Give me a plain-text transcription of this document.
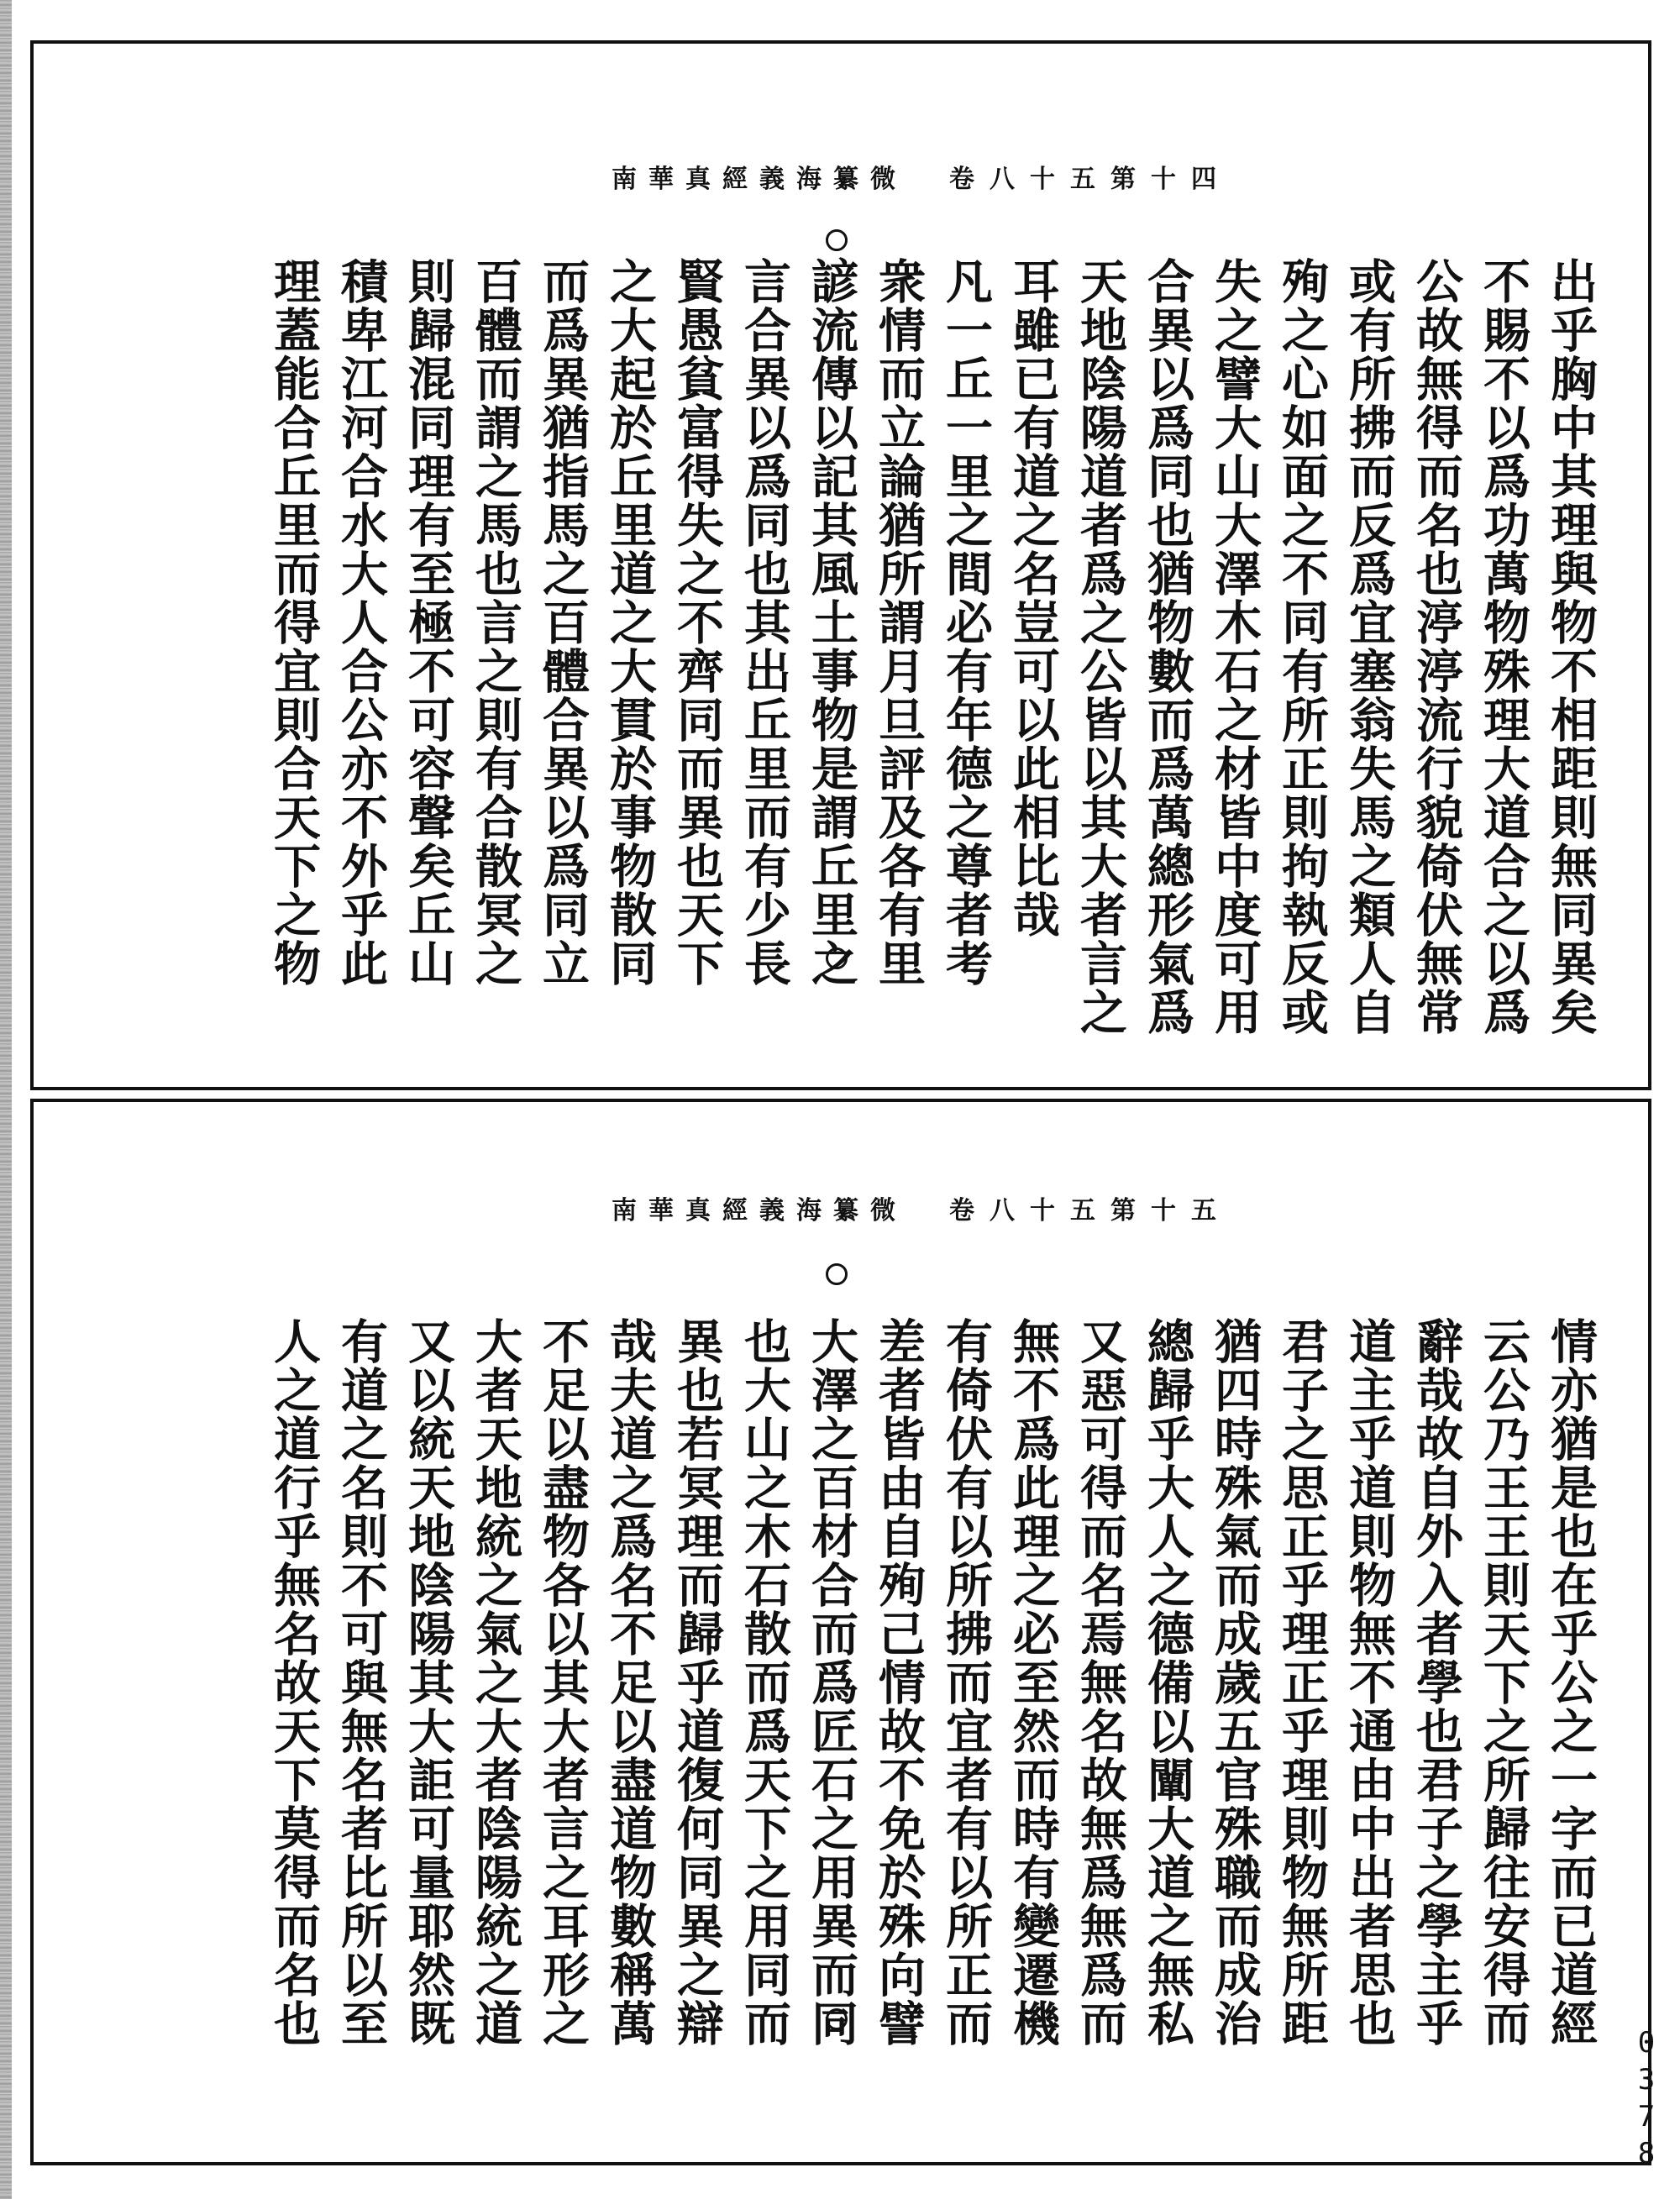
南華真經義海纂微 卷八十五第十四
出乎胸中其理與物不相距則無同異矣
不賜不以爲功萬物殊理大道合之以爲
公故無得而名也渟渟流行貌倚伏無常
或有所拂而反爲宜塞翁失馬之類人自
殉之心如面之不同有所正則拘執反或
失之譬大山大澤木石之材皆中度可用
合異以爲同也猶物數而爲萬總形氣爲
天地陰陽道者爲之公皆以其大者言之
耳雖已有道之名豈可以此相比哉
凡一丘一里之間必有年德之尊者考
衆情而立論猶所謂月旦評及各有里
諺流傳以記其風土事物是謂丘里之
言合異以爲同也其出丘里而有少長
賢愚貧富得失之不齊同而異也天下
之大起於丘里道之大貫於事物散同
而爲異猶指馬之百體合異以爲同立
百體而謂之馬也言之則有合散冥之
則歸混同理有至極不可容聲矣丘山
積卑江河合水大人合公亦不外乎此
理蓋能合丘里而得宜則合天下之物
南華真經義海纂微 卷八十五第十五
情亦猶是也在乎公之一字而已道經
云公乃王王則天下之所歸往安得而
辭哉故自外入者學也君子之學主乎
道主乎道則物無不通由中出者思也
君子之思正乎理正乎理則物無所距
猶四時殊氣而成歲五官殊職而成治
總歸乎大人之德備以闡大道之無私
又惡可得而名焉無名故無爲無爲而
無不爲此理之必至然而時有變遷機
有倚伏有以所拂而宜者有以所正而
差者皆由自殉己情故不免於殊向譬
大澤之百材合而爲匠石之用異而同
也大山之木石散而爲天下之用同而
異也若冥理而歸乎道復何同異之辯
哉夫道之爲名不足以盡道物數稱萬
不足以盡物各以其大者言之耳形之
大者天地統之氣之大者陰陽統之道
又以統天地陰陽其大詎可量耶然既
有道之名則不可與無名者比所以至
人之道行乎無名故天下莫得而名也
0378
